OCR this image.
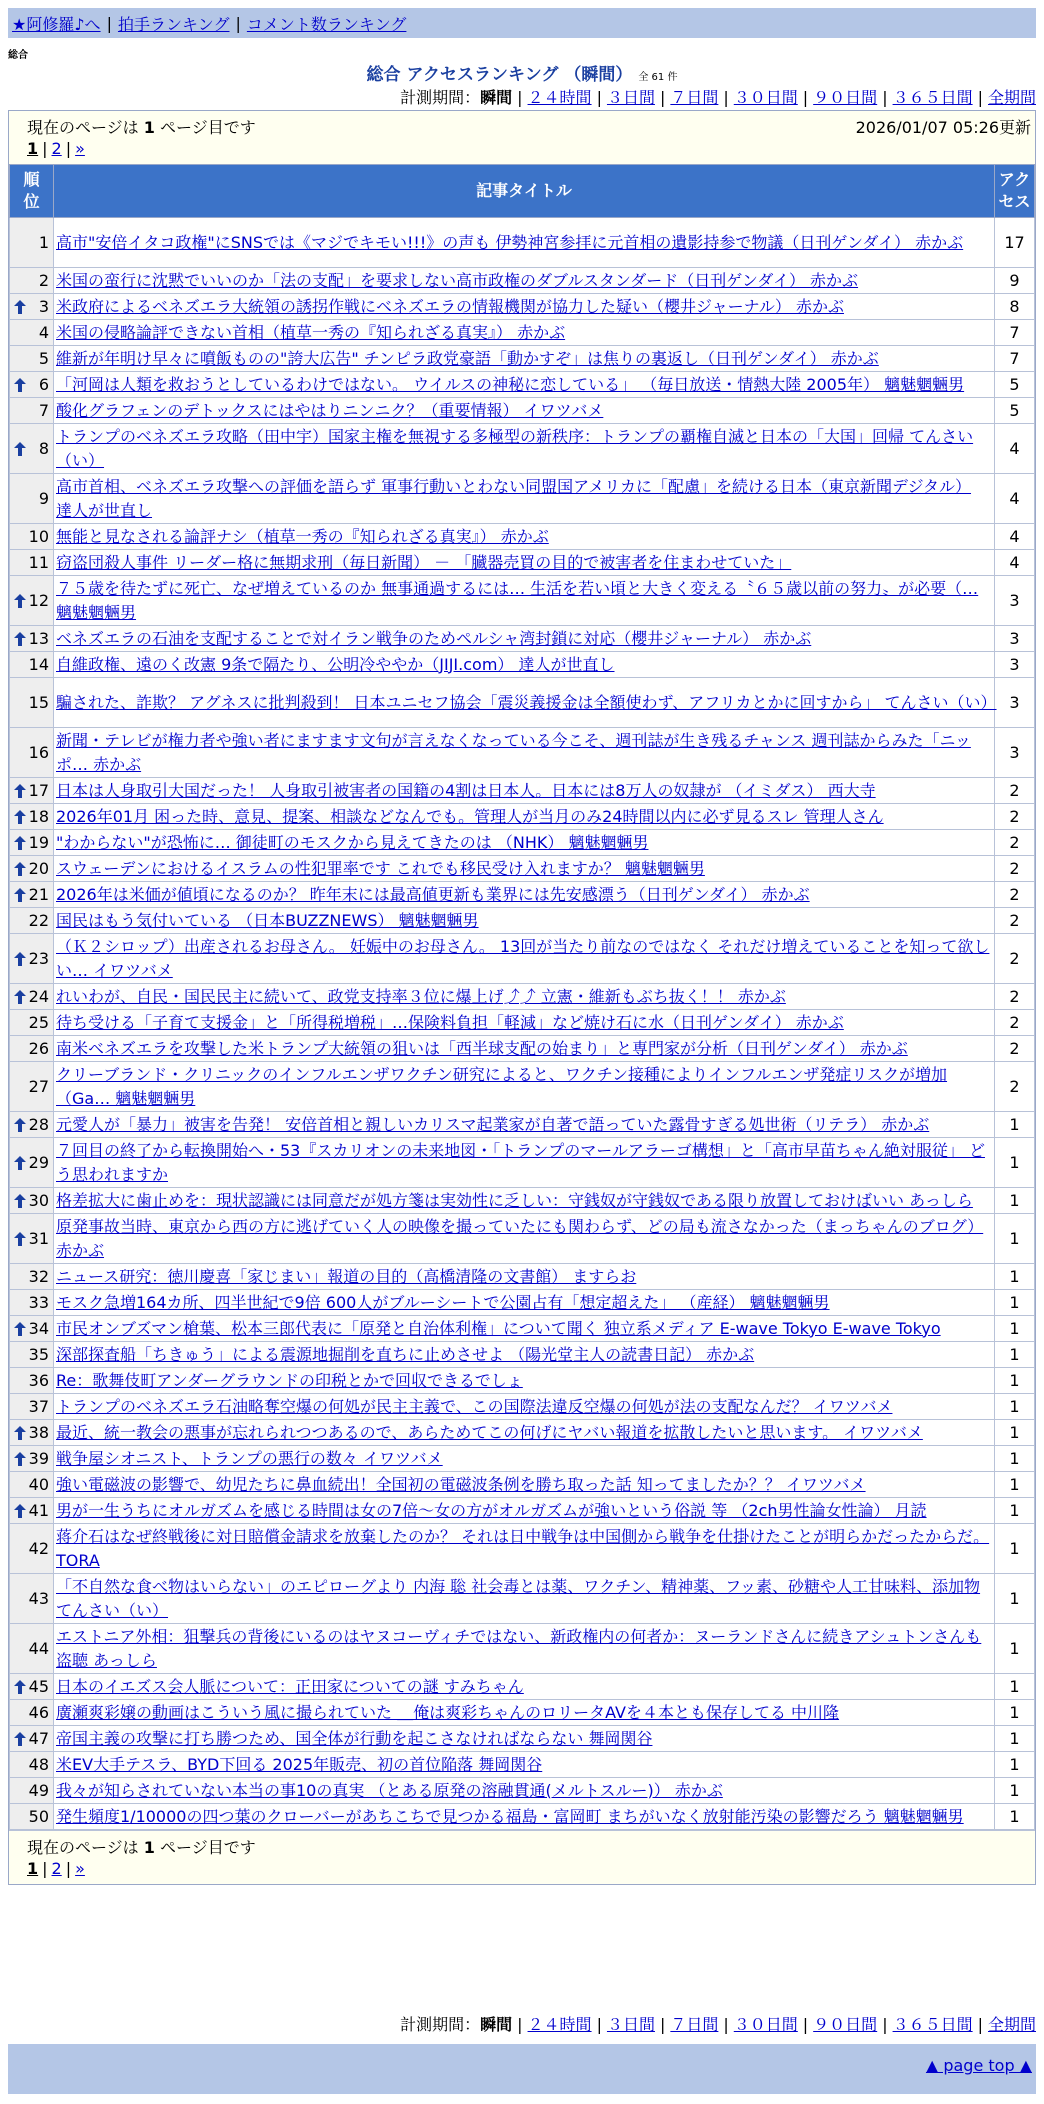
★阿修羅♪へ | 拍手ランキング | コメント数ランキング
総合
総合 アクセスランキング （瞬間） 全 61 件
計測期間：瞬間 | ２４時間 | ３日間 | ７日間 | ３０日間 | ９０日間 | ３６５日間 | 全期間
現在のページは 1 ページ目です	2026/01/07 05:26更新
1 | 2 | »
順位	記事タイトル	アクセス
1	高市"安倍イタコ政権"にSNSでは《マジでキモい!!!》の声も 伊勢神宮参拝に元首相の遺影持参で物議（日刊ゲンダイ） 赤かぶ	17
2	米国の蛮行に沈黙でいいのか「法の支配」を要求しない高市政権のダブルスタンダード（日刊ゲンダイ） 赤かぶ	9

3	米政府によるベネズエラ大統領の誘拐作戦にベネズエラの情報機関が協力した疑い（櫻井ジャーナル） 赤かぶ	8
4	米国の侵略論評できない首相（植草一秀の『知られざる真実』） 赤かぶ	7
5	維新が年明け早々に噴飯ものの"誇大広告" チンピラ政党豪語「動かすぞ」は焦りの裏返し（日刊ゲンダイ） 赤かぶ	7

6	「河岡は人類を救おうとしているわけではない。 ウイルスの神秘に恋している」 （毎日放送・情熱大陸 2005年） 魑魅魍魎男	5
7	酸化グラフェンのデトックスにはやはりニンニク？（重要情報） イワツバメ	5

8	トランプのベネズエラ攻略（田中宇）国家主権を無視する多極型の新秩序：トランプの覇権自滅と日本の「大国」回帰 てんさい（い）	4
9	高市首相、ベネズエラ攻撃への評価を語らず 軍事行動いとわない同盟国アメリカに「配慮」を続ける日本（東京新聞デジタル） 達人が世直し	4
10	無能と見なされる論評ナシ（植草一秀の『知られざる真実』） 赤かぶ	4
11	窃盗団殺人事件 リーダー格に無期求刑（毎日新聞） － 「臓器売買の目的で被害者を住まわせていた」	4

12	７５歳を待たずに死亡、なぜ増えているのか 無事通過するには… 生活を若い頃と大きく変える〝６５歳以前の努力〟が必要（… 魑魅魍魎男	3

13	ベネズエラの石油を支配することで対イラン戦争のためペルシャ湾封鎖に対応（櫻井ジャーナル） 赤かぶ	3
14	自維政権、遠のく改憲 9条で隔たり、公明冷ややか（JIJI.com） 達人が世直し	3
15	騙された、詐欺？ アグネスに批判殺到！ 日本ユニセフ協会「震災義援金は全額使わず、アフリカとかに回すから」 てんさい（い）	3
16	新聞・テレビが権力者や強い者にますます文句が言えなくなっている今こそ、週刊誌が生き残るチャンス 週刊誌からみた「ニッポ… 赤かぶ	3

17	日本は人身取引大国だった！ 人身取引被害者の国籍の4割は日本人。日本には8万人の奴隷が （イミダス） 西大寺	2

18	2026年01月 困った時、意見、提案、相談などなんでも。管理人が当月のみ24時間以内に必ず見るスレ 管理人さん	2

19	"わからない"が恐怖に… 御徒町のモスクから見えてきたのは （NHK） 魑魅魍魎男	2

20	スウェーデンにおけるイスラムの性犯罪率です これでも移民受け入れますか？ 魑魅魍魎男	2

21	2026年は米価が値頃になるのか？ 昨年末には最高値更新も業界には先安感漂う（日刊ゲンダイ） 赤かぶ	2
22	国民はもう気付いている （日本BUZZNEWS） 魑魅魍魎男	2

23	（Ｋ２シロップ）出産されるお母さん。 妊娠中のお母さん。 13回が当たり前なのではなく それだけ増えていることを知って欲しい… イワツバメ	2

24	れいわが、自民・国民民主に続いて、政党支持率３位に爆上げ⤴⤴ 立憲・維新もぶち抜く！！ 赤かぶ	2
25	待ち受ける「子育て支援金」と「所得税増税」…保険料負担「軽減」など焼け石に水（日刊ゲンダイ） 赤かぶ	2
26	南米ベネズエラを攻撃した米トランプ大統領の狙いは「西半球支配の始まり」と専門家が分析（日刊ゲンダイ） 赤かぶ	2
27	クリーブランド・クリニックのインフルエンザワクチン研究によると、ワクチン接種によりインフルエンザ発症リスクが増加（Ga… 魑魅魍魎男	2

28	元愛人が「暴力」被害を告発！ 安倍首相と親しいカリスマ起業家が自著で語っていた露骨すぎる処世術（リテラ） 赤かぶ	1

29	７回目の終了から転換開始へ・53『スカリオンの未来地図・「トランプのマールアラーゴ構想」と「高市早苗ちゃん絶対服従」 どう思われますか	1

30	格差拡大に歯止めを：現状認識には同意だが処方箋は実効性に乏しい：守銭奴が守銭奴である限り放置しておけばいい あっしら	1

31	原発事故当時、東京から西の方に逃げていく人の映像を撮っていたにも関わらず、どの局も流さなかった（まっちゃんのブログ） 赤かぶ	1
32	ニュース研究：徳川慶喜「家じまい」報道の目的（高橋清隆の文書館） ますらお	1
33	モスク急増164カ所、四半世紀で9倍 600人がブルーシートで公園占有「想定超えた」 （産経） 魑魅魍魎男	1

34	市民オンブズマン槍葉、松本三郎代表に「原発と自治体利権」について聞く 独立系メディア E-wave Tokyo E-wave Tokyo	1
35	深部探査船「ちきゅう」による震源地掘削を直ちに止めさせよ （陽光堂主人の読書日記） 赤かぶ	1
36	Re：歌舞伎町アンダーグラウンドの印税とかで回収できるでしょ	1
37	トランプのベネズエラ石油略奪空爆の何処が民主主義で、この国際法違反空爆の何処が法の支配なんだ？ イワツバメ	1

38	最近、統一教会の悪事が忘れられつつあるので、あらためてこの何げにヤバい報道を拡散したいと思います。 イワツバメ	1

39	戦争屋シオニスト、トランプの悪行の数々 イワツバメ	1
40	強い電磁波の影響で、幼児たちに鼻血続出！全国初の電磁波条例を勝ち取った話 知ってましたか？？ イワツバメ	1

41	男が一生うちにオルガズムを感じる時間は女の7倍～女の方がオルガズムが強いという俗説 等 （2ch男性論女性論） 月読	1
42	蒋介石はなぜ終戦後に対日賠償金請求を放棄したのか？ それは日中戦争は中国側から戦争を仕掛けたことが明らかだったからだ。 TORA	1
43	「不自然な食べ物はいらない」のエピローグより 内海 聡 社会毒とは薬、ワクチン、精神薬、フッ素、砂糖や人工甘味料、添加物 てんさい（い）	1
44	エストニア外相：狙撃兵の背後にいるのはヤヌコーヴィチではない、新政権内の何者か：ヌーランドさんに続きアシュトンさんも盗聴 あっしら	1

45	日本のイエズス会人脈について：正田家についての謎 すみちゃん	1
46	廣瀬爽彩嬢の動画はこういう風に撮られていた ＿俺は爽彩ちゃんのロリータAVを４本とも保存してる 中川隆	1

47	帝国主義の攻撃に打ち勝つため、国全体が行動を起こさなければならない 舞岡関谷	1
48	米EV大手テスラ、BYD下回る 2025年販売、初の首位陥落 舞岡関谷	1
49	我々が知らされていない本当の事10の真実 （とある原発の溶融貫通(メルトスルー)） 赤かぶ	1
50	発生頻度1/10000の四つ葉のクローバーがあちこちで見つかる福島・富岡町 まちがいなく放射能汚染の影響だろう 魑魅魍魎男	1
現在のページは 1 ページ目です
1 | 2 | »
計測期間：瞬間 | ２４時間 | ３日間 | ７日間 | ３０日間 | ９０日間 | ３６５日間 | 全期間
▲ page top ▲
